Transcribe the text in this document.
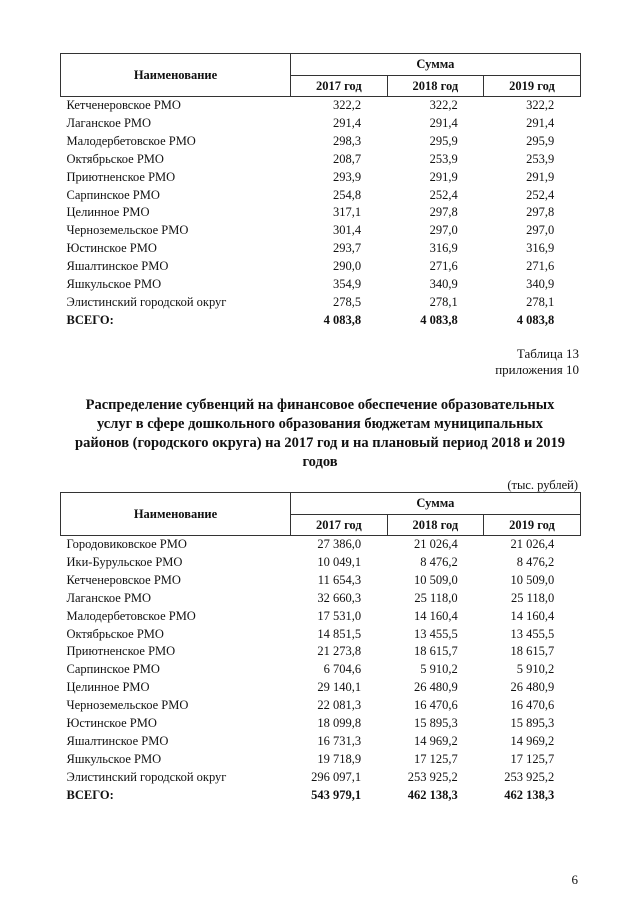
Наименование	Сумма		
	2017 год	2018 год	2019 год
Кетченеровское РМО	322,2	322,2	322,2
Лаганское РМО	291,4	291,4	291,4
Малодербетовское РМО	298,3	295,9	295,9
Октябрьское РМО	208,7	253,9	253,9
Приютненское РМО	293,9	291,9	291,9
Сарпинское РМО	254,8	252,4	252,4
Целинное РМО	317,1	297,8	297,8
Черноземельское РМО	301,4	297,0	297,0
Юстинское РМО	293,7	316,9	316,9
Яшалтинское РМО	290,0	271,6	271,6
Яшкульское РМО	354,9	340,9	340,9
Элистинский городской округ	278,5	278,1	278,1
ВСЕГО:	4 083,8	4 083,8	4 083,8
Таблица 13
приложения 10
Распределение субвенций на финансовое обеспечение образовательных
услуг в сфере дошкольного образования бюджетам муниципальных
районов (городского округа) на 2017 год и на плановый период 2018 и 2019
годов
(тыс. рублей)
Наименование	Сумма		
	2017 год	2018 год	2019 год
Городовиковское РМО	27 386,0	21 026,4	21 026,4
Ики-Бурульское РМО	10 049,1	8 476,2	8 476,2
Кетченеровское РМО	11 654,3	10 509,0	10 509,0
Лаганское РМО	32 660,3	25 118,0	25 118,0
Малодербетовское РМО	17 531,0	14 160,4	14 160,4
Октябрьское РМО	14 851,5	13 455,5	13 455,5
Приютненское РМО	21 273,8	18 615,7	18 615,7
Сарпинское РМО	6 704,6	5 910,2	5 910,2
Целинное РМО	29 140,1	26 480,9	26 480,9
Черноземельское РМО	22 081,3	16 470,6	16 470,6
Юстинское РМО	18 099,8	15 895,3	15 895,3
Яшалтинское РМО	16 731,3	14 969,2	14 969,2
Яшкульское РМО	19 718,9	17 125,7	17 125,7
Элистинский городской округ	296 097,1	253 925,2	253 925,2
ВСЕГО:	543 979,1	462 138,3	462 138,3
6
